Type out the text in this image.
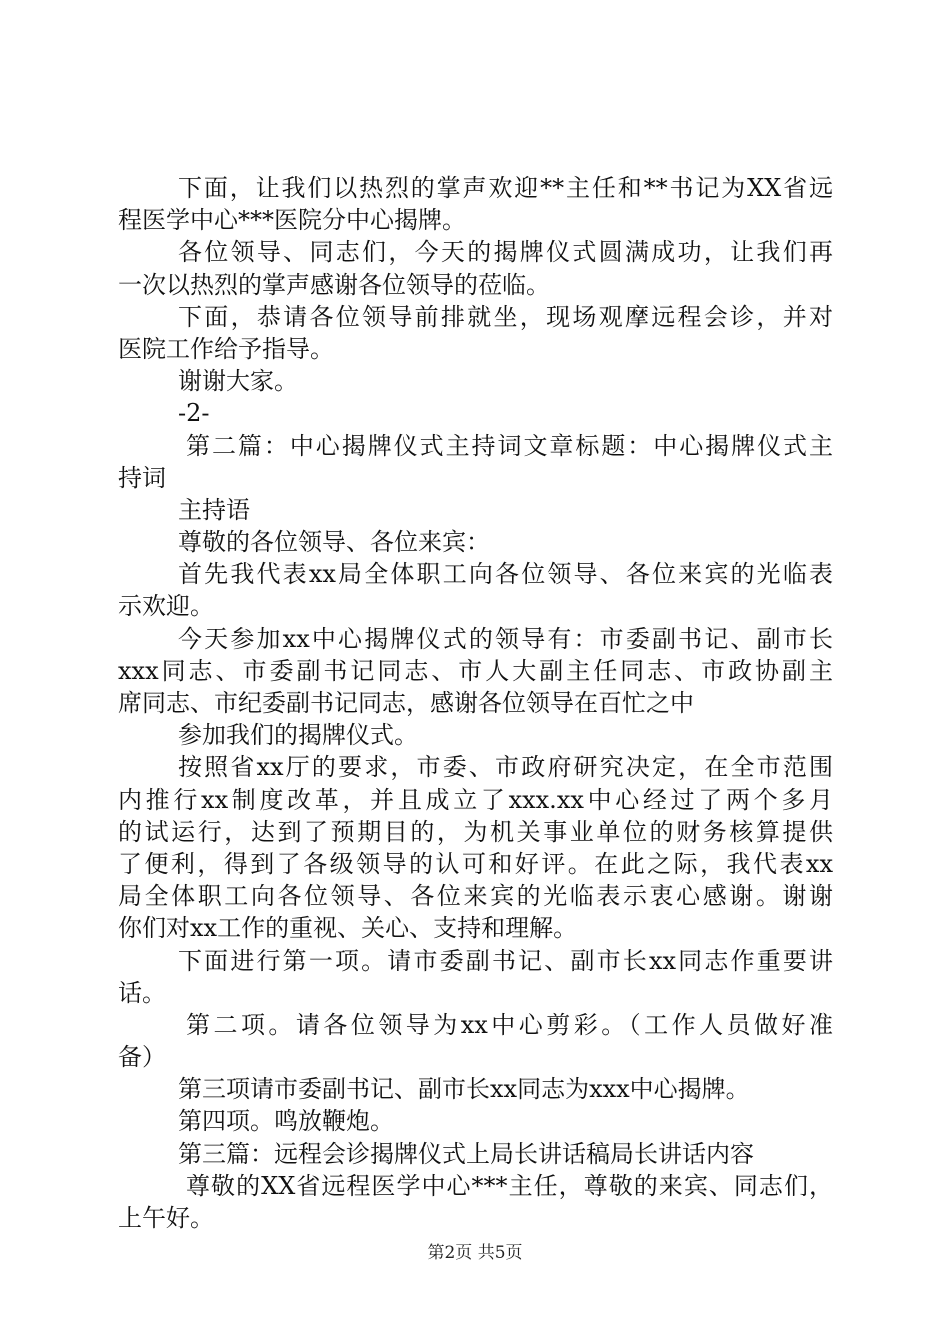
下面，让我们以热烈的掌声欢迎**主任和**书记为XX省远
程医学中心***医院分中心揭牌。
各位领导、同志们，今天的揭牌仪式圆满成功，让我们再
一次以热烈的掌声感谢各位领导的莅临。
下面，恭请各位领导前排就坐，现场观摩远程会诊，并对
医院工作给予指导。
谢谢大家。
-2-
第二篇：中心揭牌仪式主持词文章标题：中心揭牌仪式主
持词
主持语
尊敬的各位领导、各位来宾：
首先我代表xx局全体职工向各位领导、各位来宾的光临表
示欢迎。
今天参加xx中心揭牌仪式的领导有：市委副书记、副市长
xxx同志、市委副书记同志、市人大副主任同志、市政协副主
席同志、市纪委副书记同志，感谢各位领导在百忙之中
参加我们的揭牌仪式。
按照省xx厅的要求，市委、市政府研究决定，在全市范围
内推行xx制度改革，并且成立了xxx.xx中心经过了两个多月
的试运行，达到了预期目的，为机关事业单位的财务核算提供
了便利，得到了各级领导的认可和好评。在此之际，我代表xx
局全体职工向各位领导、各位来宾的光临表示衷心感谢。谢谢
你们对xx工作的重视、关心、支持和理解。
下面进行第一项。请市委副书记、副市长xx同志作重要讲
话。
第二项。请各位领导为xx中心剪彩。（工作人员做好准
备）
第三项请市委副书记、副市长xx同志为xxx中心揭牌。
第四项。鸣放鞭炮。
第三篇：远程会诊揭牌仪式上局长讲话稿局长讲话内容
尊敬的XX省远程医学中心***主任，尊敬的来宾、同志们，
上午好。
第2页 共5页
